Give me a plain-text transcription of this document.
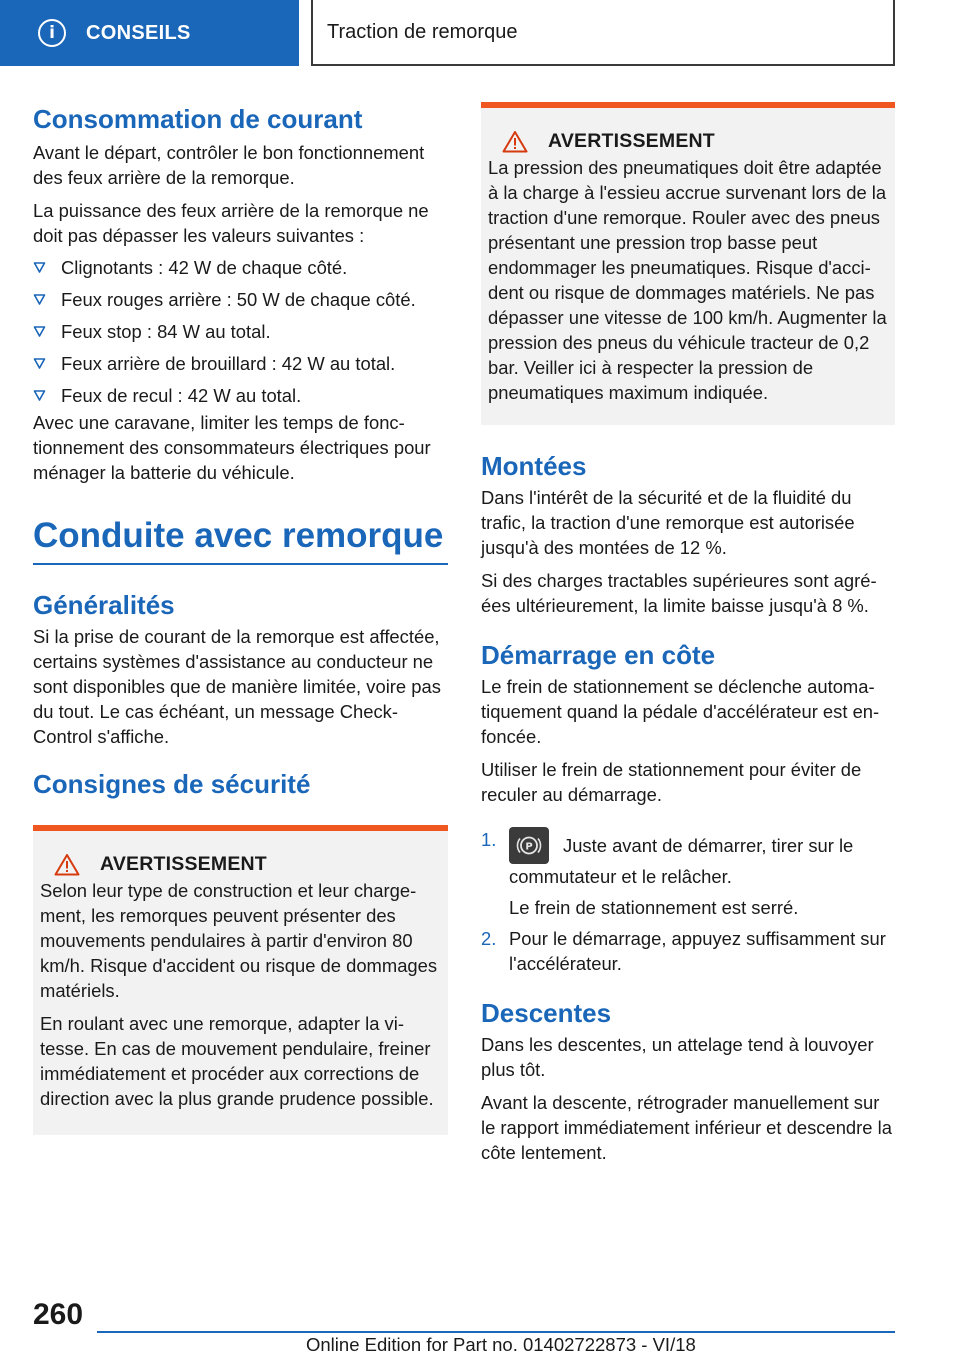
i	CONSEILS	Traction de remorque
Consommation de courant

Avant le départ, contrôler le bon fonctionnement des feux arrière de la remorque.

La puissance des feux arrière de la remorque ne doit pas dépasser les valeurs suivantes :

Clignotants : 42 W de chaque côté.
Feux rouges arrière : 50 W de chaque côté.
Feux stop : 84 W au total.
Feux arrière de brouillard : 42 W au total.
Feux de recul : 42 W au total.

Avec une caravane, limiter les temps de fonctionnement des consommateurs électriques pour ménager la batterie du véhicule.

Conduite avec remorque
Généralités

Si la prise de courant de la remorque est affectée, certains systèmes d'assistance au conducteur ne sont disponibles que de manière limitée, voire pas du tout. Le cas échéant, un message Check-Control s'affiche.

Consignes de sécurité
AVERTISSEMENT

Selon leur type de construction et leur chargement, les remorques peuvent présenter des mouvements pendulaires à partir d'environ 80 km/h. Risque d'accident ou risque de dommages matériels.

En roulant avec une remorque, adapter la vitesse. En cas de mouvement pendulaire, freiner immédiatement et procéder aux corrections de direction avec la plus grande prudence possible.

AVERTISSEMENT

La pression des pneumatiques doit être adaptée à la charge à l'essieu accrue survenant lors de la traction d'une remorque. Rouler avec des pneus présentant une pression trop basse peut endommager les pneumatiques. Risque d'accident ou risque de dommages matériels. Ne pas dépasser une vitesse de 100 km/h. Augmenter la pression des pneus du véhicule tracteur de 0,2 bar. Veiller ici à respecter la pression de pneumatiques maximum indiquée.

Montées

Dans l'intérêt de la sécurité et de la fluidité du trafic, la traction d'une remorque est autorisée jusqu'à des montées de 12 %.

Si des charges tractables supérieures sont agréées ultérieurement, la limite baisse jusqu'à 8 %.

Démarrage en côte

Le frein de stationnement se déclenche automatiquement quand la pédale d'accélérateur est enfoncée.

Utiliser le frein de stationnement pour éviter de reculer au démarrage.

1.	P Juste avant de démarrer, tirer sur le commutateur et le relâcher.

Le frein de stationnement est serré.

2. Pour le démarrage, appuyez suffisamment sur l'accélérateur.
Descentes

Dans les descentes, un attelage tend à louvoyer plus tôt.

Avant la descente, rétrograder manuellement sur le rapport immédiatement inférieur et descendre la côte lentement.

260
Online Edition for Part no. 01402722873 - VI/18
